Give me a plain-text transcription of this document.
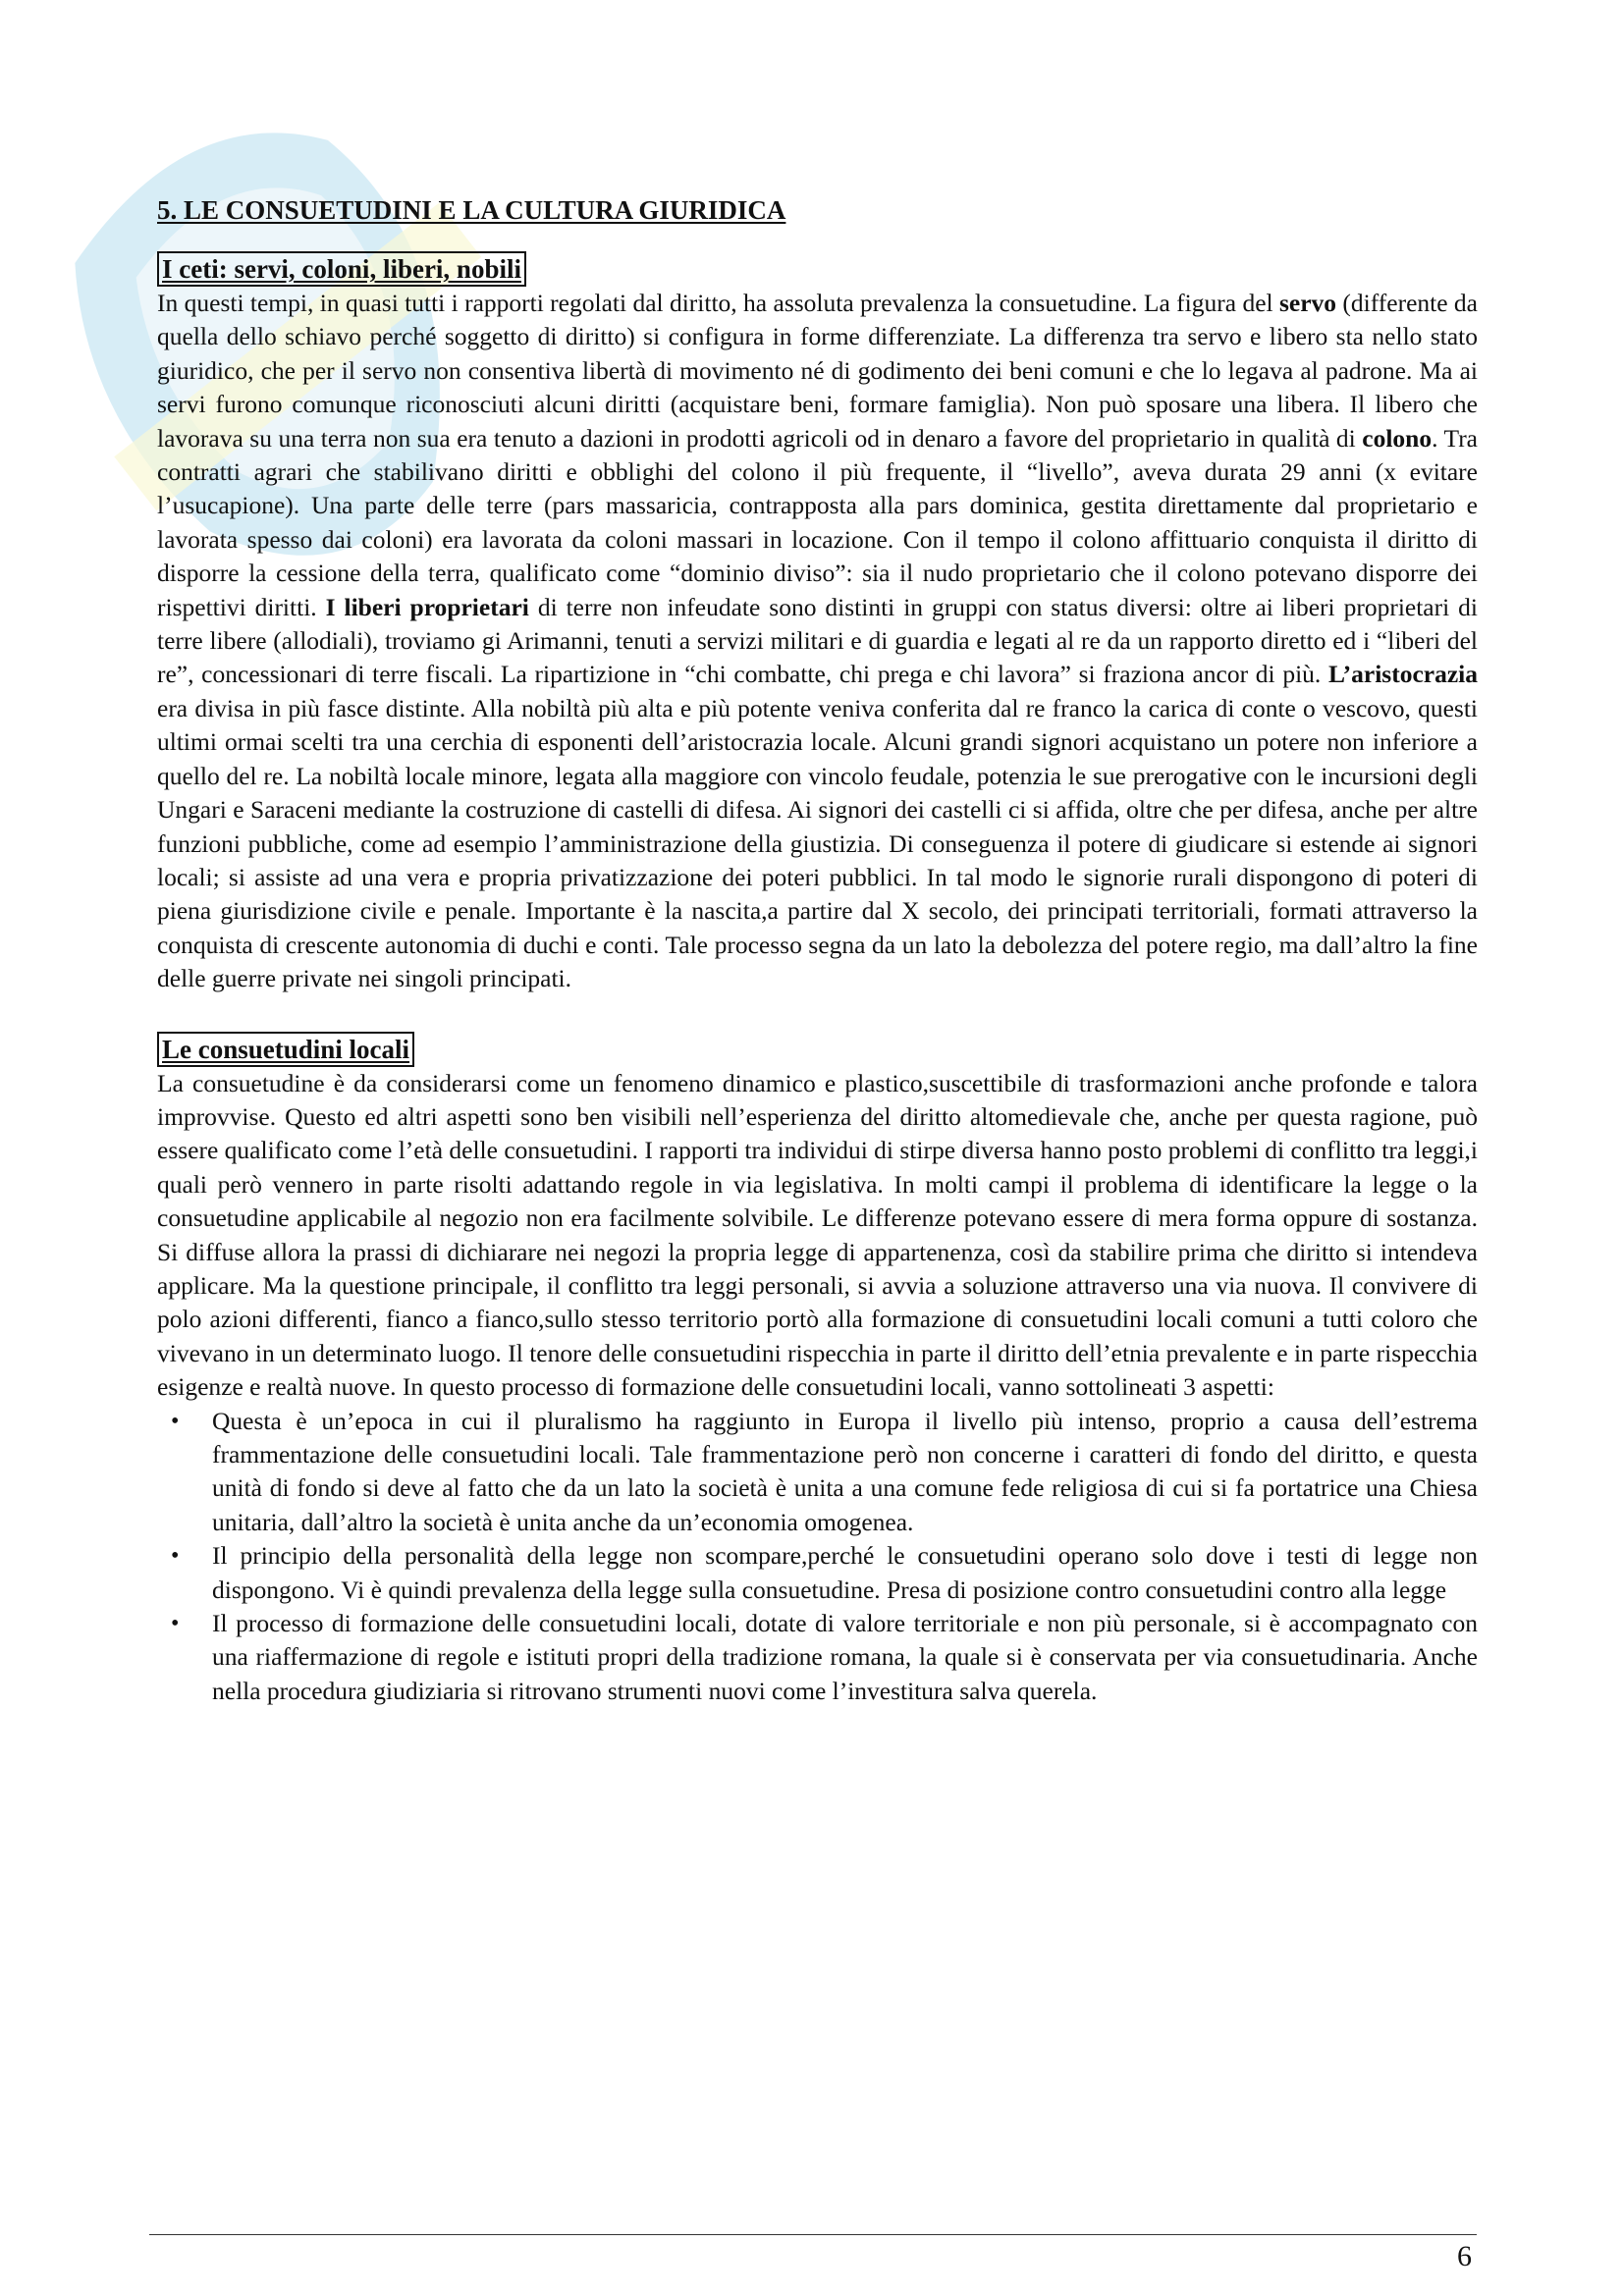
5. LE CONSUETUDINI E LA CULTURA GIURIDICA
I ceti: servi, coloni, liberi, nobili

In questi tempi, in quasi tutti i rapporti regolati dal diritto, ha assoluta prevalenza la consuetudine. La figura del servo (differente da quella dello schiavo perché soggetto di diritto) si configura in forme differenziate. La differenza tra servo e libero sta nello stato giuridico, che per il servo non consentiva libertà di movimento né di godimento dei beni comuni e che lo legava al padrone. Ma ai servi furono comunque riconosciuti alcuni diritti (acquistare beni, formare famiglia). Non può sposare una libera. Il libero che lavorava su una terra non sua era tenuto a dazioni in prodotti agricoli od in denaro a favore del proprietario in qualità di colono. Tra contratti agrari che stabilivano diritti e obblighi del colono il più frequente, il “livello”, aveva durata 29 anni (x evitare l’usucapione). Una parte delle terre (pars massaricia, contrapposta alla pars dominica, gestita direttamente dal proprietario e lavorata spesso dai coloni) era lavorata da coloni massari in locazione. Con il tempo il colono affittuario conquista il diritto di disporre la cessione della terra, qualificato come “dominio diviso”: sia il nudo proprietario che il colono potevano disporre dei rispettivi diritti. I liberi proprietari di terre non infeudate sono distinti in gruppi con status diversi: oltre ai liberi proprietari di terre libere (allodiali), troviamo gi Arimanni, tenuti a servizi militari e di guardia e legati al re da un rapporto diretto ed i “liberi del re”, concessionari di terre fiscali. La ripartizione in “chi combatte, chi prega e chi lavora” si fraziona ancor di più. L’aristocrazia era divisa in più fasce distinte. Alla nobiltà più alta e più potente veniva conferita dal re franco la carica di conte o vescovo, questi ultimi ormai scelti tra una cerchia di esponenti dell’aristocrazia locale. Alcuni grandi signori acquistano un potere non inferiore a quello del re. La nobiltà locale minore, legata alla maggiore con vincolo feudale, potenzia le sue prerogative con le incursioni degli Ungari e Saraceni mediante la costruzione di castelli di difesa. Ai signori dei castelli ci si affida, oltre che per difesa, anche per altre funzioni pubbliche, come ad esempio l’amministrazione della giustizia. Di conseguenza il potere di giudicare si estende ai signori locali; si assiste ad una vera e propria privatizzazione dei poteri pubblici. In tal modo le signorie rurali dispongono di poteri di piena giurisdizione civile e penale. Importante è la nascita,a partire dal X secolo, dei principati territoriali, formati attraverso la conquista di crescente autonomia di duchi e conti. Tale processo segna da un lato la debolezza del potere regio, ma dall’altro la fine delle guerre private nei singoli principati.

Le consuetudini locali

La consuetudine è da considerarsi come un fenomeno dinamico e plastico,suscettibile di trasformazioni anche profonde e talora improvvise. Questo ed altri aspetti sono ben visibili nell’esperienza del diritto altomedievale che, anche per questa ragione, può essere qualificato come l’età delle consuetudini. I rapporti tra individui di stirpe diversa hanno posto problemi di conflitto tra leggi,i quali però vennero in parte risolti adattando regole in via legislativa. In molti campi il problema di identificare la legge o la consuetudine applicabile al negozio non era facilmente solvibile. Le differenze potevano essere di mera forma oppure di sostanza. Si diffuse allora la prassi di dichiarare nei negozi la propria legge di appartenenza, così da stabilire prima che diritto si intendeva applicare. Ma la questione principale, il conflitto tra leggi personali, si avvia a soluzione attraverso una via nuova. Il convivere di polo azioni differenti, fianco a fianco,sullo stesso territorio portò alla formazione di consuetudini locali comuni a tutti coloro che vivevano in un determinato luogo. Il tenore delle consuetudini rispecchia in parte il diritto dell’etnia prevalente e in parte rispecchia esigenze e realtà nuove. In questo processo di formazione delle consuetudini locali, vanno sottolineati 3 aspetti:

• Questa è un’epoca in cui il pluralismo ha raggiunto in Europa il livello più intenso, proprio a causa dell’estrema frammentazione delle consuetudini locali. Tale frammentazione però non concerne i caratteri di fondo del diritto, e questa unità di fondo si deve al fatto che da un lato la società è unita a una comune fede religiosa di cui si fa portatrice una Chiesa unitaria, dall’altro la società è unita anche da un’economia omogenea.
• Il principio della personalità della legge non scompare,perché le consuetudini operano solo dove i testi di legge non dispongono. Vi è quindi prevalenza della legge sulla consuetudine. Presa di posizione contro consuetudini contro alla legge
• Il processo di formazione delle consuetudini locali, dotate di valore territoriale e non più personale, si è accompagnato con una riaffermazione di regole e istituti propri della tradizione romana, la quale si è conservata per via consuetudinaria. Anche nella procedura giudiziaria si ritrovano strumenti nuovi come l’investitura salva querela.
6
